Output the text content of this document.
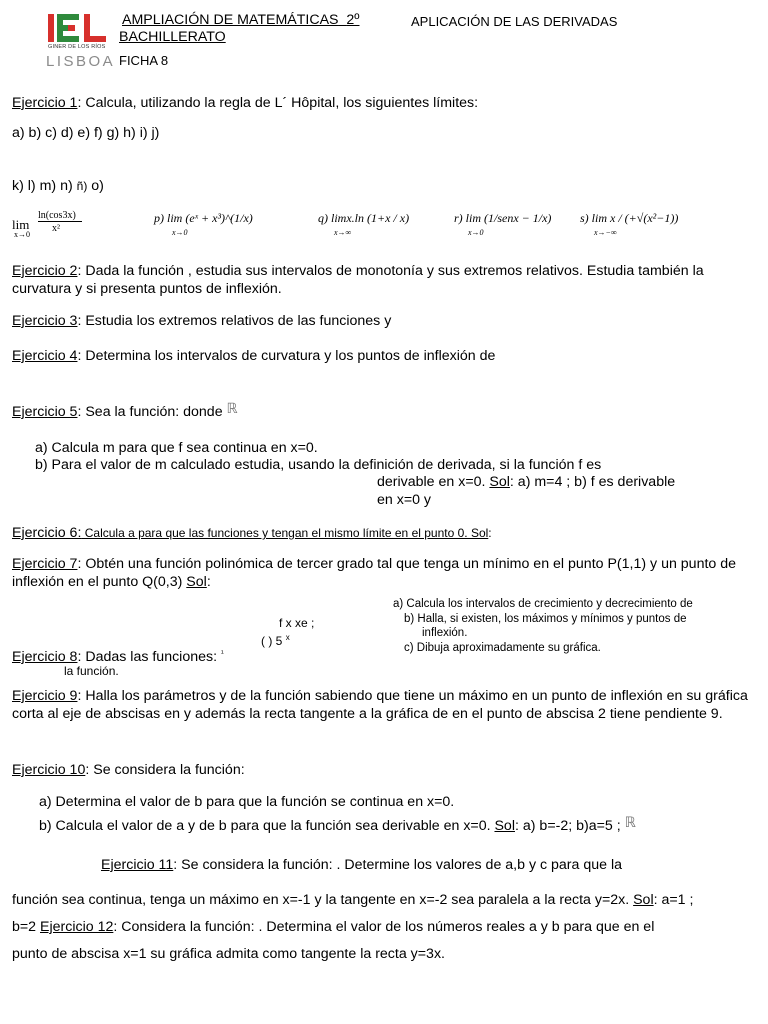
GINER DE LOS RÍOS
LISBOA
AMPLIACIÓN DE MATEMÁTICAS 2º
BACHILLERATO
APLICACIÓN DE LAS DERIVADAS
FICHA 8
Ejercicio 1: Calcula, utilizando la regla de L´ Hôpital, los siguientes límites:
a) b) c) d) e) f) g) h) i) j)
k) l) m) n) ñ) o)
lim
x→0
ln(cos3x)
x²
p) lim (eˣ + x³)^(1/x)
x→0
q) limx.ln (1+x / x)
x→∞
r) lim (1/senx − 1/x)
x→0
s) lim x / (+√(x²−1))
x→−∞
Ejercicio 2: Dada la función , estudia sus intervalos de monotonía y sus extremos relativos. Estudia también la curvatura y si presenta puntos de inflexión.
Ejercicio 3: Estudia los extremos relativos de las funciones y
Ejercicio 4: Determina los intervalos de curvatura y los puntos de inflexión de
Ejercicio 5: Sea la función: donde ℝ
a) Calcula m para que f sea continua en x=0.
b) Para el valor de m calculado estudia, usando la definición de derivada, si la función f es
derivable en x=0. Sol: a) m=4 ; b) f es derivable
en x=0 y
Ejercicio 6: Calcula a para que las funciones y tengan el mismo límite en el punto 0. Sol:
Ejercicio 7: Obtén una función polinómica de tercer grado tal que tenga un mínimo en el punto P(1,1) y un punto de inflexión en el punto Q(0,3) Sol:
a) Calcula los intervalos de crecimiento y decrecimiento de
b) Halla, si existen, los máximos y mínimos y puntos de
inflexión.
c) Dibuja aproximadamente su gráfica.
f x xe ;
( ) 5 $^x$
Ejercicio 8: Dadas las funciones: $^{^1}$
la función.
Ejercicio 9: Halla los parámetros y de la función sabiendo que tiene un máximo en un punto de inflexión en su gráfica corta al eje de abscisas en y además la recta tangente a la gráfica de en el punto de abscisa 2 tiene pendiente 9.
Ejercicio 10: Se considera la función:
a) Determina el valor de b para que la función se continua en x=0.
b) Calcula el valor de a y de b para que la función sea derivable en x=0. Sol: a) b=-2; b)a=5 ; ℝ
Ejercicio 11: Se considera la función: . Determine los valores de a,b y c para que la
función sea continua, tenga un máximo en x=-1 y la tangente en x=-2 sea paralela a la recta y=2x. Sol: a=1 ;
b=2 Ejercicio 12: Considera la función: . Determina el valor de los números reales a y b para que en el
punto de abscisa x=1 su gráfica admita como tangente la recta y=3x.
